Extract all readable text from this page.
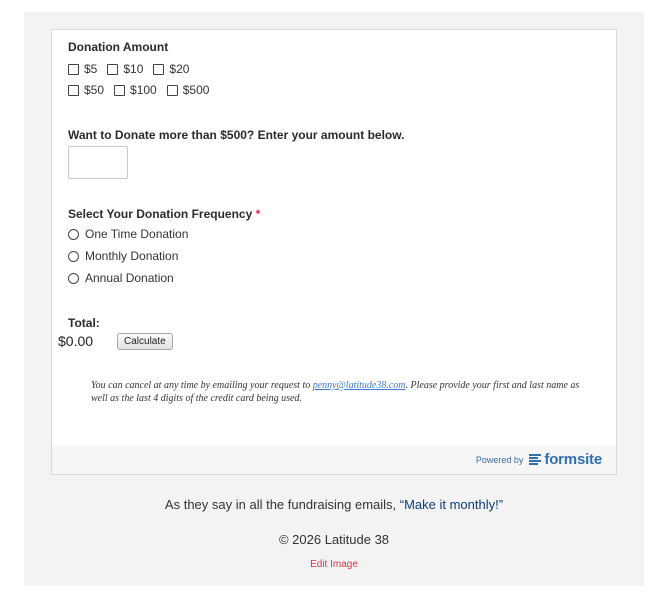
Donation Amount
$5 $10 $20
$50 $100 $500
Want to Donate more than $500? Enter your amount below.
Select Your Donation Frequency *
One Time Donation
Monthly Donation
Annual Donation
Total:
$0.00	Calculate
You can cancel at any time by emailing your request to penny@latitude38.com. Please provide your first and last name as well as the last 4 digits of the credit card being used.
Powered by formsite
As they say in all the fundraising emails, “Make it monthly!”
© 2026 Latitude 38
Edit Image
